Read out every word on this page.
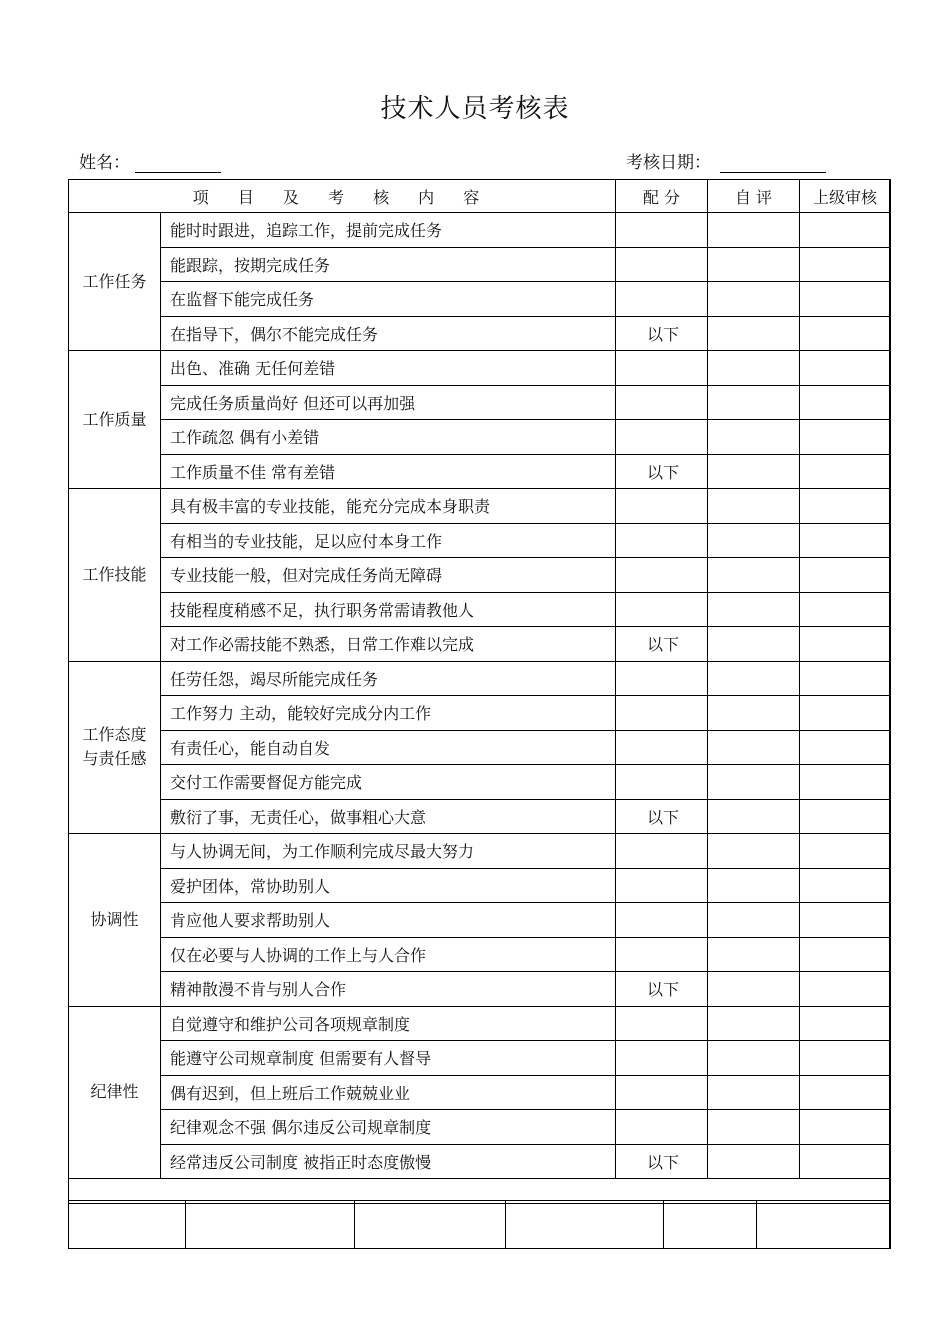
技术人员考核表
姓名：	考核日期：
项 目 及 考 核 内 容		配 分	自 评	上级审核
工作任务	能时时跟进，追踪工作，提前完成任务			
	能跟踪，按期完成任务			
	在监督下能完成任务			
	在指导下，偶尔不能完成任务	以下		
工作质量	出色、准确 无任何差错			
	完成任务质量尚好 但还可以再加强			
	工作疏忽 偶有小差错			
	工作质量不佳 常有差错	以下		
工作技能	具有极丰富的专业技能，能充分完成本身职责			
	有相当的专业技能，足以应付本身工作			
	专业技能一般，但对完成任务尚无障碍			
	技能程度稍感不足，执行职务常需请教他人			
	对工作必需技能不熟悉，日常工作难以完成	以下		
工作态度
与责任感	任劳任怨，竭尽所能完成任务			
	工作努力 主动，能较好完成分内工作			
	有责任心，能自动自发			
	交付工作需要督促方能完成			
	敷衍了事，无责任心，做事粗心大意	以下		
协调性	与人协调无间，为工作顺利完成尽最大努力			
	爱护团体，常协助别人			
	肯应他人要求帮助别人			
	仅在必要与人协调的工作上与人合作			
	精神散漫不肯与别人合作	以下		
纪律性	自觉遵守和维护公司各项规章制度			
	能遵守公司规章制度 但需要有人督导			
	偶有迟到，但上班后工作兢兢业业			
	纪律观念不强 偶尔违反公司规章制度			
	经常违反公司制度 被指正时态度傲慢	以下		
